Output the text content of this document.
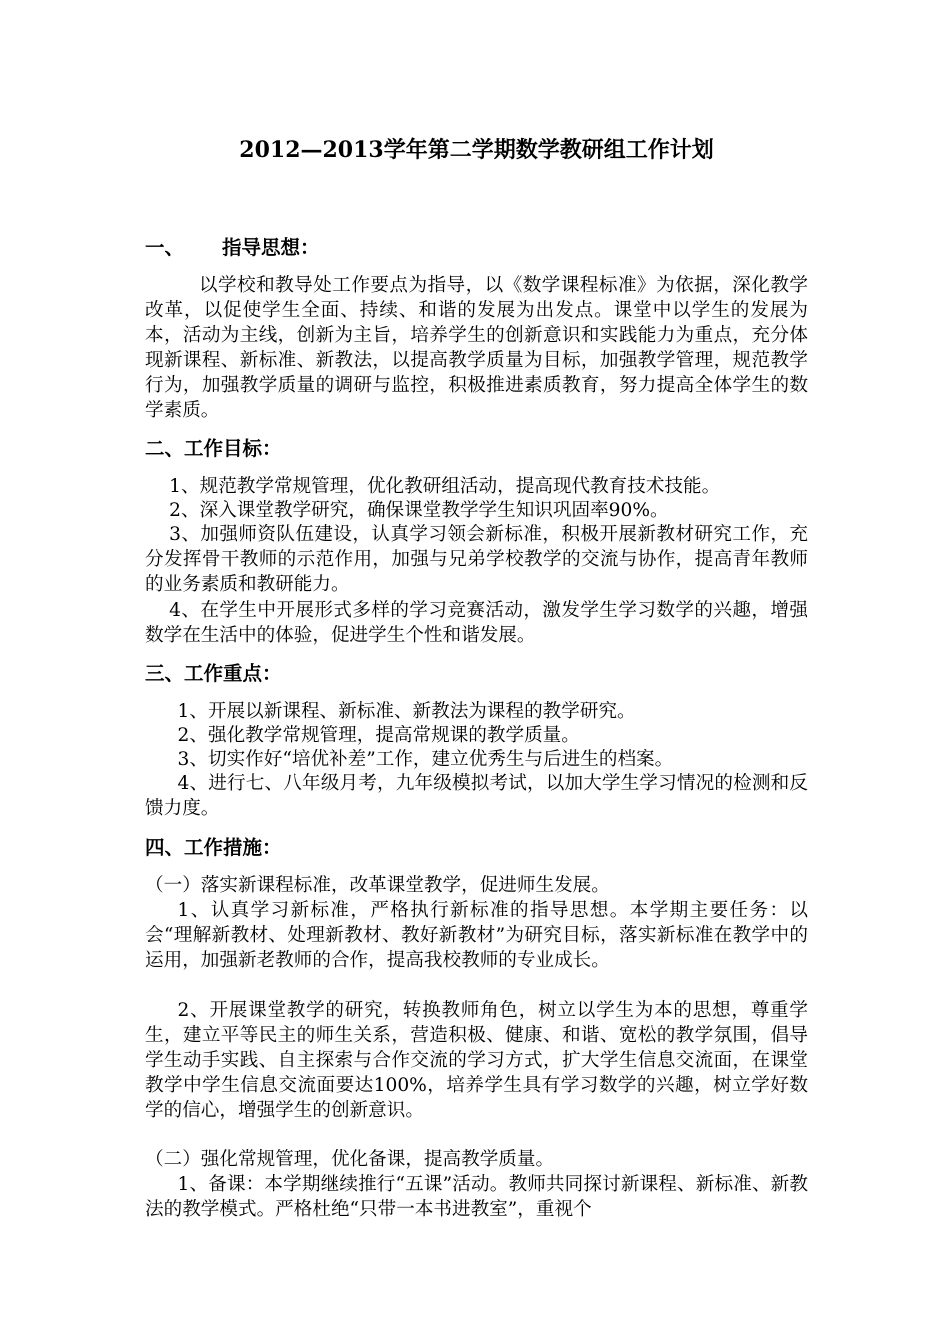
2012—2013学年第二学期数学教研组工作计划
一、 指导思想：

以学校和教导处工作要点为指导，以《数学课程标准》为依据，深化教学改革，以促使学生全面、持续、和谐的发展为出发点。课堂中以学生的发展为本，活动为主线，创新为主旨，培养学生的创新意识和实践能力为重点，充分体现新课程、新标准、新教法，以提高教学质量为目标，加强教学管理，规范教学行为，加强教学质量的调研与监控，积极推进素质教育，努力提高全体学生的数学素质。

二、工作目标：

1、规范教学常规管理，优化教研组活动，提高现代教育技术技能。

2、深入课堂教学研究，确保课堂教学学生知识巩固率90%。

3、加强师资队伍建设，认真学习领会新标准，积极开展新教材研究工作，充分发挥骨干教师的示范作用，加强与兄弟学校教学的交流与协作，提高青年教师的业务素质和教研能力。

4、在学生中开展形式多样的学习竞赛活动，激发学生学习数学的兴趣，增强数学在生活中的体验，促进学生个性和谐发展。

三、工作重点：

1、开展以新课程、新标准、新教法为课程的教学研究。

2、强化教学常规管理，提高常规课的教学质量。

3、切实作好“培优补差”工作，建立优秀生与后进生的档案。

4、进行七、八年级月考，九年级模拟考试，以加大学生学习情况的检测和反馈力度。

四、工作措施：

（一）落实新课程标准，改革课堂教学，促进师生发展。

1、认真学习新标准，严格执行新标准的指导思想。本学期主要任务：以会“理解新教材、处理新教材、教好新教材”为研究目标，落实新标准在教学中的运用，加强新老教师的合作，提高我校教师的专业成长。

2、开展课堂教学的研究，转换教师角色，树立以学生为本的思想，尊重学生，建立平等民主的师生关系，营造积极、健康、和谐、宽松的教学氛围，倡导学生动手实践、自主探索与合作交流的学习方式，扩大学生信息交流面，在课堂教学中学生信息交流面要达100%，培养学生具有学习数学的兴趣，树立学好数学的信心，增强学生的创新意识。

（二）强化常规管理，优化备课，提高教学质量。

1、备课：本学期继续推行“五课”活动。教师共同探讨新课程、新标准、新教法的教学模式。严格杜绝“只带一本书进教室”，重视个
